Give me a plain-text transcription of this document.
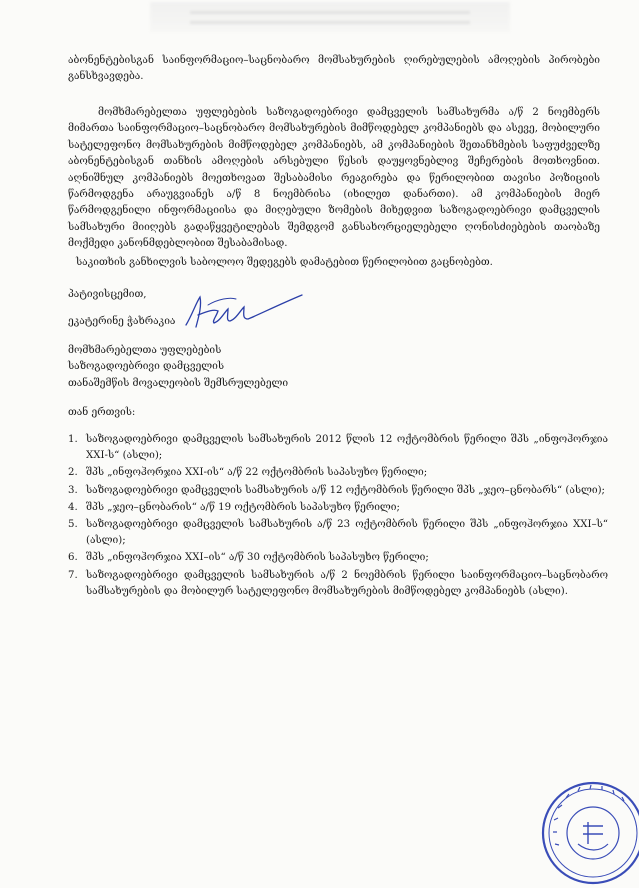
აბონენტებისგან საინფორმაციო–საცნობარო მომსახურების ღირებულების ამოღების პირობები განსხვავდება.
მომხმარებელთა უფლებების საზოგადოებრივი დამცველის სამსახურმა ა/წ 2 ნოემბერს მიმართა საინფორმაციო–საცნობარო მომსახურების მიმწოდებელ კომპანიებს და ასევე, მობილური სატელეფონო მომსახურების მიმწოდებელ კომპანიებს, ამ კომპანიების შეთანხმების საფუძველზე აბონენტებისგან თანხის ამოღების არსებული წესის დაუყოვნებლივ შეჩერების მოთხოვნით. აღნიშნულ კომპანიებს მოეთხოვათ შესაბამისი რეაგირება და წერილობით თავისი პოზიციის წარმოდგენა არაუგვიანეს ა/წ 8 ნოემბრისა (იხილეთ დანართი). ამ კომპანიების მიერ წარმოდგენილი ინფორმაციისა და მიღებული ზომების მიხედვით საზოგადოებრივი დამცველის სამსახური მიიღებს გადაწყვეტილებას შემდგომ განსახორციელებელი ღონისძიებების თაობაზე მოქმედი კანონმდებლობით შესაბამისად.
საკითხის განხილვის საბოლოო შედეგებს დამატებით წერილობით გაცნობებთ.
პატივისცემით,
ეკატერინე ჭახრაკია
მომხმარებელთა უფლებების
საზოგადოებრივი დამცველის
თანაშემწის მოვალეობის შემსრულებელი
თან ერთვის:
1. საზოგადოებრივი დამცველის სამსახურის 2012 წლის 12 ოქტომბრის წერილი შპს „ინფოჰორჯია XXI-ს“ (ასლი);
2. შპს „ინფოჰორჯია XXI-ის“ ა/წ 22 ოქტომბრის საპასუხო წერილი;
3. საზოგადოებრივი დამცველის სამსახურის ა/წ 12 ოქტომბრის წერილი შპს „ჯეო–ცნობარს“ (ასლი);
4. შპს „ჯეო–ცნობარის“ ა/წ 19 ოქტომბრის საპასუხო წერილი;
5. საზოგადოებრივი დამცველის სამსახურის ა/წ 23 ოქტომბრის წერილი შპს „ინფოჰორჯია XXI–ს“ (ასლი);
6. შპს „ინფოჰორჯია XXI–ის“ ა/წ 30 ოქტომბრის საპასუხო წერილი;
7. საზოგადოებრივი დამცველის სამსახურის ა/წ 2 ნოემბრის წერილი საინფორმაციო–საცნობარო სამსახურების და მობილურ სატელეფონო მომსახურების მიმწოდებელ კომპანიებს (ასლი).
